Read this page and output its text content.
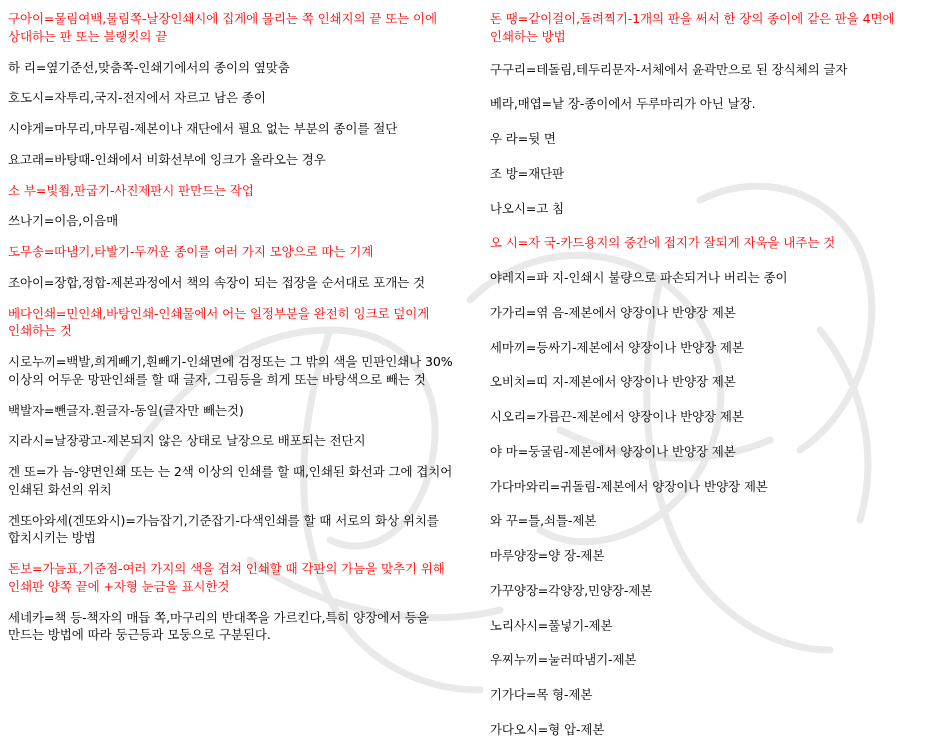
구아이=물림여백,물림쪽-날장인쇄시에 집게에 물리는 쪽 인쇄지의 끝 또는 이에 상대하는 판 또는 블랭킷의 끝

하 리=옆기준선,맞춤쪽-인쇄기에서의 종이의 옆맞춤

호도시=자투리,국지-전지에서 자르고 남은 종이

시야게=마무리,마무림-제본이나 재단에서 필요 없는 부분의 종이를 절단

요고래=바탕때-인쇄에서 비화선부에 잉크가 올라오는 경우

소 부=빛쬠,판굽기-사진제판시 판만드는 작업

쓰나기=이음,이음매

도무송=따냄기,타발기-두꺼운 종이를 여러 가지 모양으로 따는 기계

조아이=장합,정합-제본과정에서 책의 속장이 되는 접장을 순서대로 포개는 것

베다인쇄=민인쇄,바탕인쇄-인쇄물에서 어는 일정부분을 완전히 잉크로 덮이게 인쇄하는 것

시로누끼=백발,희게빼기,흰빼기-인쇄면에 검정또는 그 밖의 색을 민판인쇄나 30%이상의 어두운 망판인쇄를 할 때 글자, 그림등을 희게 또는 바탕색으로 빼는 것

백발자=뺀글자.흰글자-동일(글자만 빼는것)

지라시=날장광고-제본되지 않은 상태로 날장으로 배포되는 전단지

겐 또=가 늠-양면인쇄 또는 는 2색 이상의 인쇄를 할 때,인쇄된 화선과 그에 겹치어 인쇄된 화선의 위치

겐또아와세(겐또와시)=가늠잡기,기준잡기-다색인쇄를 할 때 서로의 화상 위치를 합치시키는 방법

돈보=가늠표,기준점-여러 가지의 색을 겹쳐 인쇄할 때 각판의 가늠을 맞추기 위해 인쇄판 양쪽 끝에 +자형 눈금을 표시한것

세네카=책 등-책자의 매듭 쪽,마구리의 반대쪽을 가르킨다,특히 양장에서 등을 만드는 방법에 따라 둥근등과 모둥으로 구분된다.

돈 땡=같이걸이,돌려찍기-1개의 판을 써서 한 장의 종이에 같은 판을 4면에 인쇄하는 방법

구구리=테돌림,테두리문자-서체에서 윤곽만으로 된 장식체의 글자

베라,매엽=낱 장-종이에서 두루마리가 아닌 날장.

우 라=뒷 면

조 방=재단판

나오시=고 침

오 시=자 국-카드용지의 중간에 접지가 잘되게 자욱을 내주는 것

야레지=파 지-인쇄시 불량으로 파손되거나 버리는 종이

가가리=엮 음-제본에서 양장이나 반양장 제본

세마끼=등싸기-제본에서 양장이나 반양장 제본

오비치=띠 지-제본에서 양장이나 반양장 제본

시오리=가름끈-제본에서 양장이나 반양장 제본

야 마=둥굴림-제본에서 양장이나 반양장 제본

가다마와리=귀돌림-제본에서 양장이나 반양장 제본

와 꾸=틀,쇠틀-제본

마루양장=양 장-제본

가꾸양장=각양장,민양장-제본

노리사시=풀넣기-제본

우찌누끼=눌러따냄기-제본

기가다=목 형-제본

가다오시=형 압-제본
